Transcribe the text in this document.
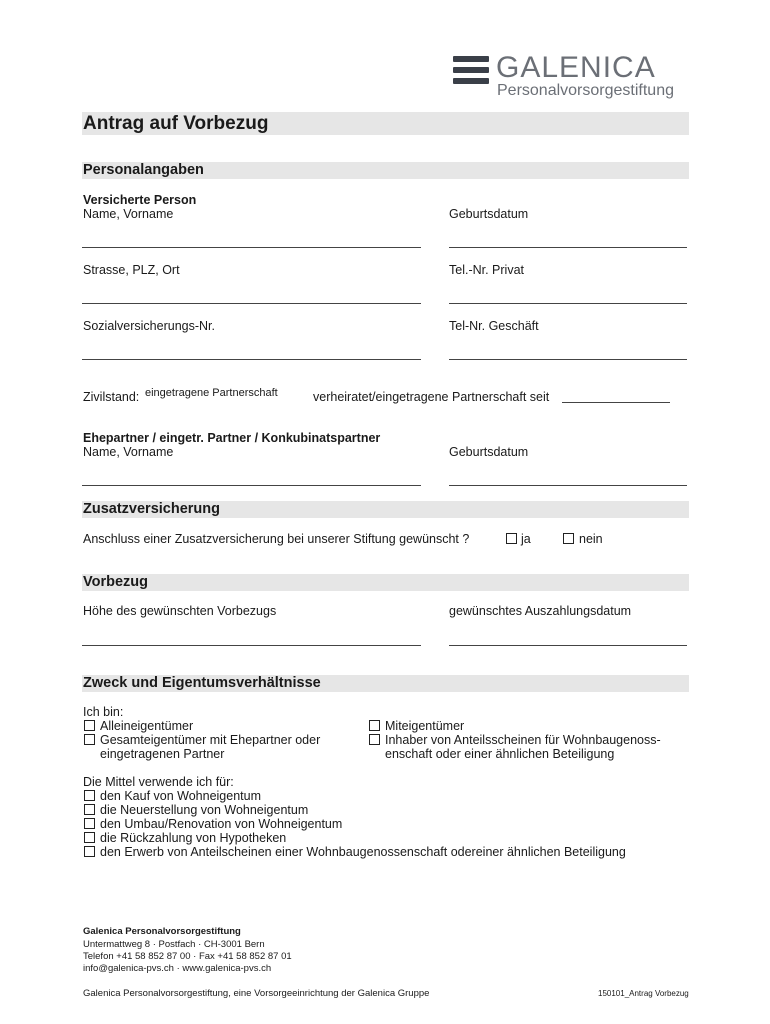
GALENICA
Personalvorsorgestiftung
Antrag auf Vorbezug
Personalangaben
Versicherte Person
Name, Vorname	Geburtsdatum
Strasse, PLZ, Ort	Tel.-Nr. Privat
Sozialversicherungs-Nr.	Tel-Nr. Geschäft
Zivilstand: eingetragene Partnerschaft	verheiratet/eingetragene Partnerschaft seit
Ehepartner / eingetr. Partner / Konkubinatspartner
Name, Vorname	Geburtsdatum
Zusatzversicherung
Anschluss einer Zusatzversicherung bei unserer Stiftung gewünscht ?	ja	nein
Vorbezug
Höhe des gewünschten Vorbezugs	gewünschtes Auszahlungsdatum
Zweck und Eigentumsverhältnisse
Ich bin:
Alleineigentümer
Gesamteigentümer mit Ehepartner oder
eingetragenen Partner
Miteigentümer
Inhaber von Anteilsscheinen für Wohnbaugenoss-
enschaft oder einer ähnlichen Beteiligung
Die Mittel verwende ich für:
den Kauf von Wohneigentum
die Neuerstellung von Wohneigentum
den Umbau/Renovation von Wohneigentum
die Rückzahlung von Hypotheken
den Erwerb von Anteilscheinen einer Wohnbaugenossenschaft odereiner ähnlichen Beteiligung
Galenica Personalvorsorgestiftung
Untermattweg 8 · Postfach · CH-3001 Bern
Telefon +41 58 852 87 00 · Fax +41 58 852 87 01
info@galenica-pvs.ch · www.galenica-pvs.ch
Galenica Personalvorsorgestiftung, eine Vorsorgeeinrichtung der Galenica Gruppe	150101_Antrag Vorbezug
